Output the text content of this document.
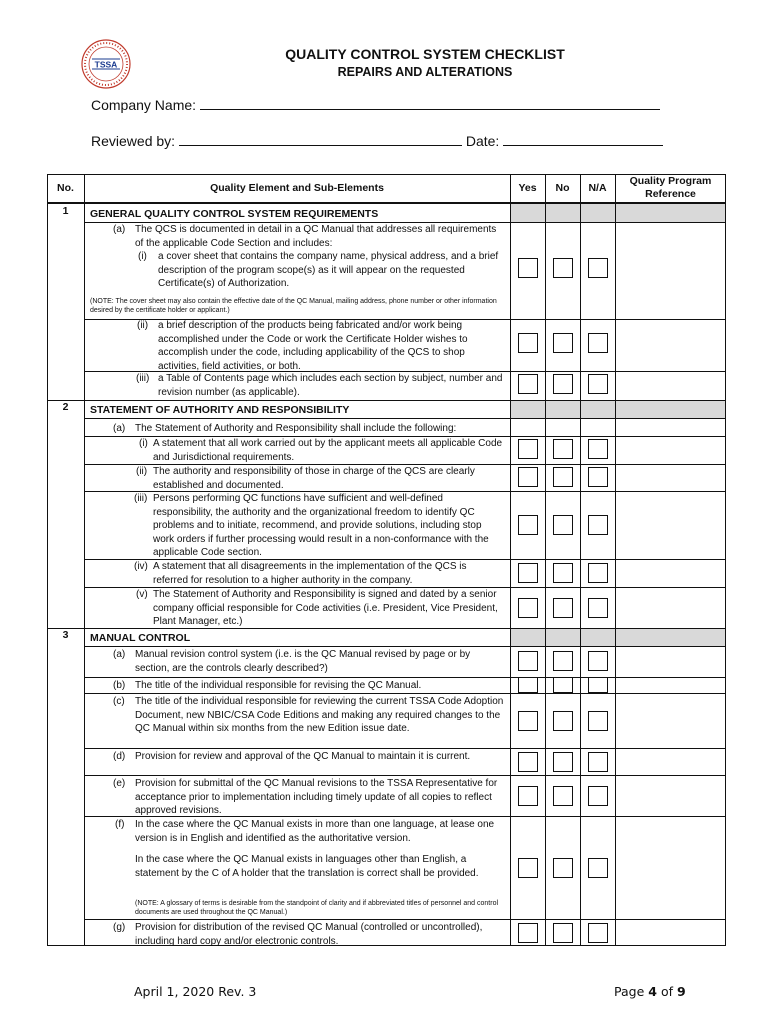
TSSA
QUALITY CONTROL SYSTEM CHECKLIST
REPAIRS AND ALTERATIONS
Company Name:
Reviewed by:	Date:
No.	Quality Element and Sub-Elements	Yes	No	N/A
Quality Program
Reference
1	GENERAL QUALITY CONTROL SYSTEM REQUIREMENTS
(a) The QCS is documented in detail in a QC Manual that addresses all requirements of the applicable Code Section and includes:
(i) a cover sheet that contains the company name, physical address, and a brief description of the program scope(s) as it will appear on the requested Certificate(s) of Authorization.
(NOTE: The cover sheet may also contain the effective date of the QC Manual, mailing address, phone number or other information desired by the certificate holder or applicant.)
(ii) a brief description of the products being fabricated and/or work being accomplished under the Code or work the Certificate Holder wishes to accomplish under the code, including applicability of the QCS to shop activities, field activities, or both.
(iii) a Table of Contents page which includes each section by subject, number and revision number (as applicable).
2	STATEMENT OF AUTHORITY AND RESPONSIBILITY
(a) The Statement of Authority and Responsibility shall include the following:
(i) A statement that all work carried out by the applicant meets all applicable Code and Jurisdictional requirements.
(ii) The authority and responsibility of those in charge of the QCS are clearly established and documented.
(iii) Persons performing QC functions have sufficient and well-defined responsibility, the authority and the organizational freedom to identify QC problems and to initiate, recommend, and provide solutions, including stop work orders if further processing would result in a non-conformance with the applicable Code section.
(iv) A statement that all disagreements in the implementation of the QCS is referred for resolution to a higher authority in the company.
(v) The Statement of Authority and Responsibility is signed and dated by a senior company official responsible for Code activities (i.e. President, Vice President, Plant Manager, etc.)
3	MANUAL CONTROL
(a) Manual revision control system (i.e. is the QC Manual revised by page or by section, are the controls clearly described?)
(b) The title of the individual responsible for revising the QC Manual.
(c) The title of the individual responsible for reviewing the current TSSA Code Adoption Document, new NBIC/CSA Code Editions and making any required changes to the QC Manual within six months from the new Edition issue date.
(d) Provision for review and approval of the QC Manual to maintain it is current.
(e) Provision for submittal of the QC Manual revisions to the TSSA Representative for acceptance prior to implementation including timely update of all copies to reflect approved revisions.
(f) In the case where the QC Manual exists in more than one language, at lease one version is in English and identified as the authoritative version.
In the case where the QC Manual exists in languages other than English, a statement by the C of A holder that the translation is correct shall be provided.
(NOTE: A glossary of terms is desirable from the standpoint of clarity and if abbreviated titles of personnel and control documents are used throughout the QC Manual.)
(g) Provision for distribution of the revised QC Manual (controlled or uncontrolled), including hard copy and/or electronic controls.
April 1, 2020 Rev. 3	Page 4 of 9
